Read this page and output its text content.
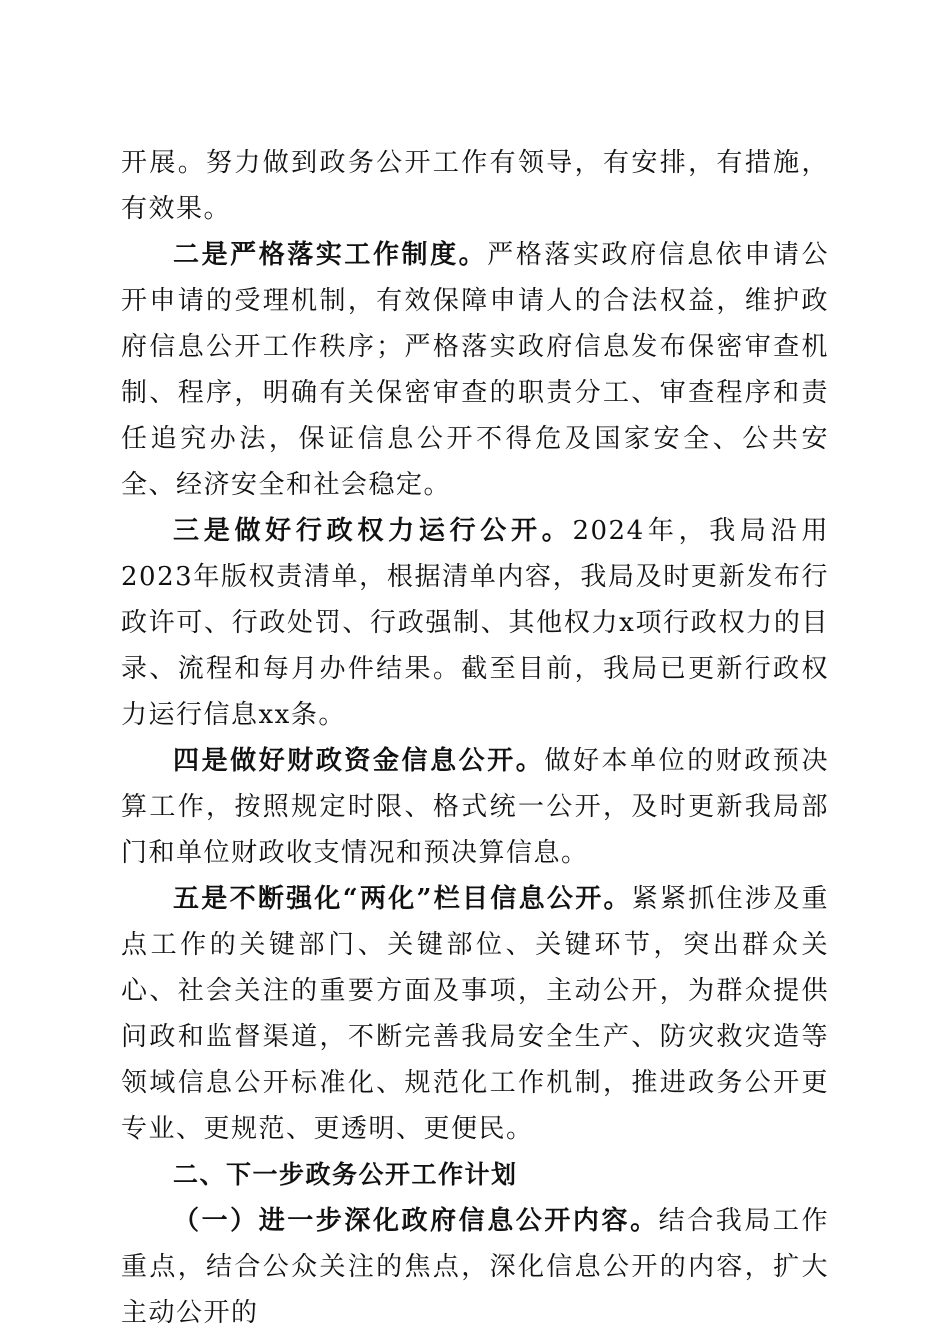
开展。努力做到政务公开工作有领导，有安排，有措施，有效果。

二是严格落实工作制度。严格落实政府信息依申请公开申请的受理机制，有效保障申请人的合法权益，维护政府信息公开工作秩序；严格落实政府信息发布保密审查机制、程序，明确有关保密审查的职责分工、审查程序和责任追究办法，保证信息公开不得危及国家安全、公共安全、经济安全和社会稳定。

三是做好行政权力运行公开。2024年，我局沿用2023年版权责清单，根据清单内容，我局及时更新发布行政许可、行政处罚、行政强制、其他权力x项行政权力的目录、流程和每月办件结果。截至目前，我局已更新行政权力运行信息xx条。

四是做好财政资金信息公开。做好本单位的财政预决算工作，按照规定时限、格式统一公开，及时更新我局部门和单位财政收支情况和预决算信息。

五是不断强化“两化”栏目信息公开。紧紧抓住涉及重点工作的关键部门、关键部位、关键环节，突出群众关心、社会关注的重要方面及事项，主动公开，为群众提供问政和监督渠道，不断完善我局安全生产、防灾救灾造等领域信息公开标准化、规范化工作机制，推进政务公开更专业、更规范、更透明、更便民。

二、下一步政务公开工作计划

（一）进一步深化政府信息公开内容。结合我局工作重点，结合公众关注的焦点，深化信息公开的内容，扩大主动公开的
